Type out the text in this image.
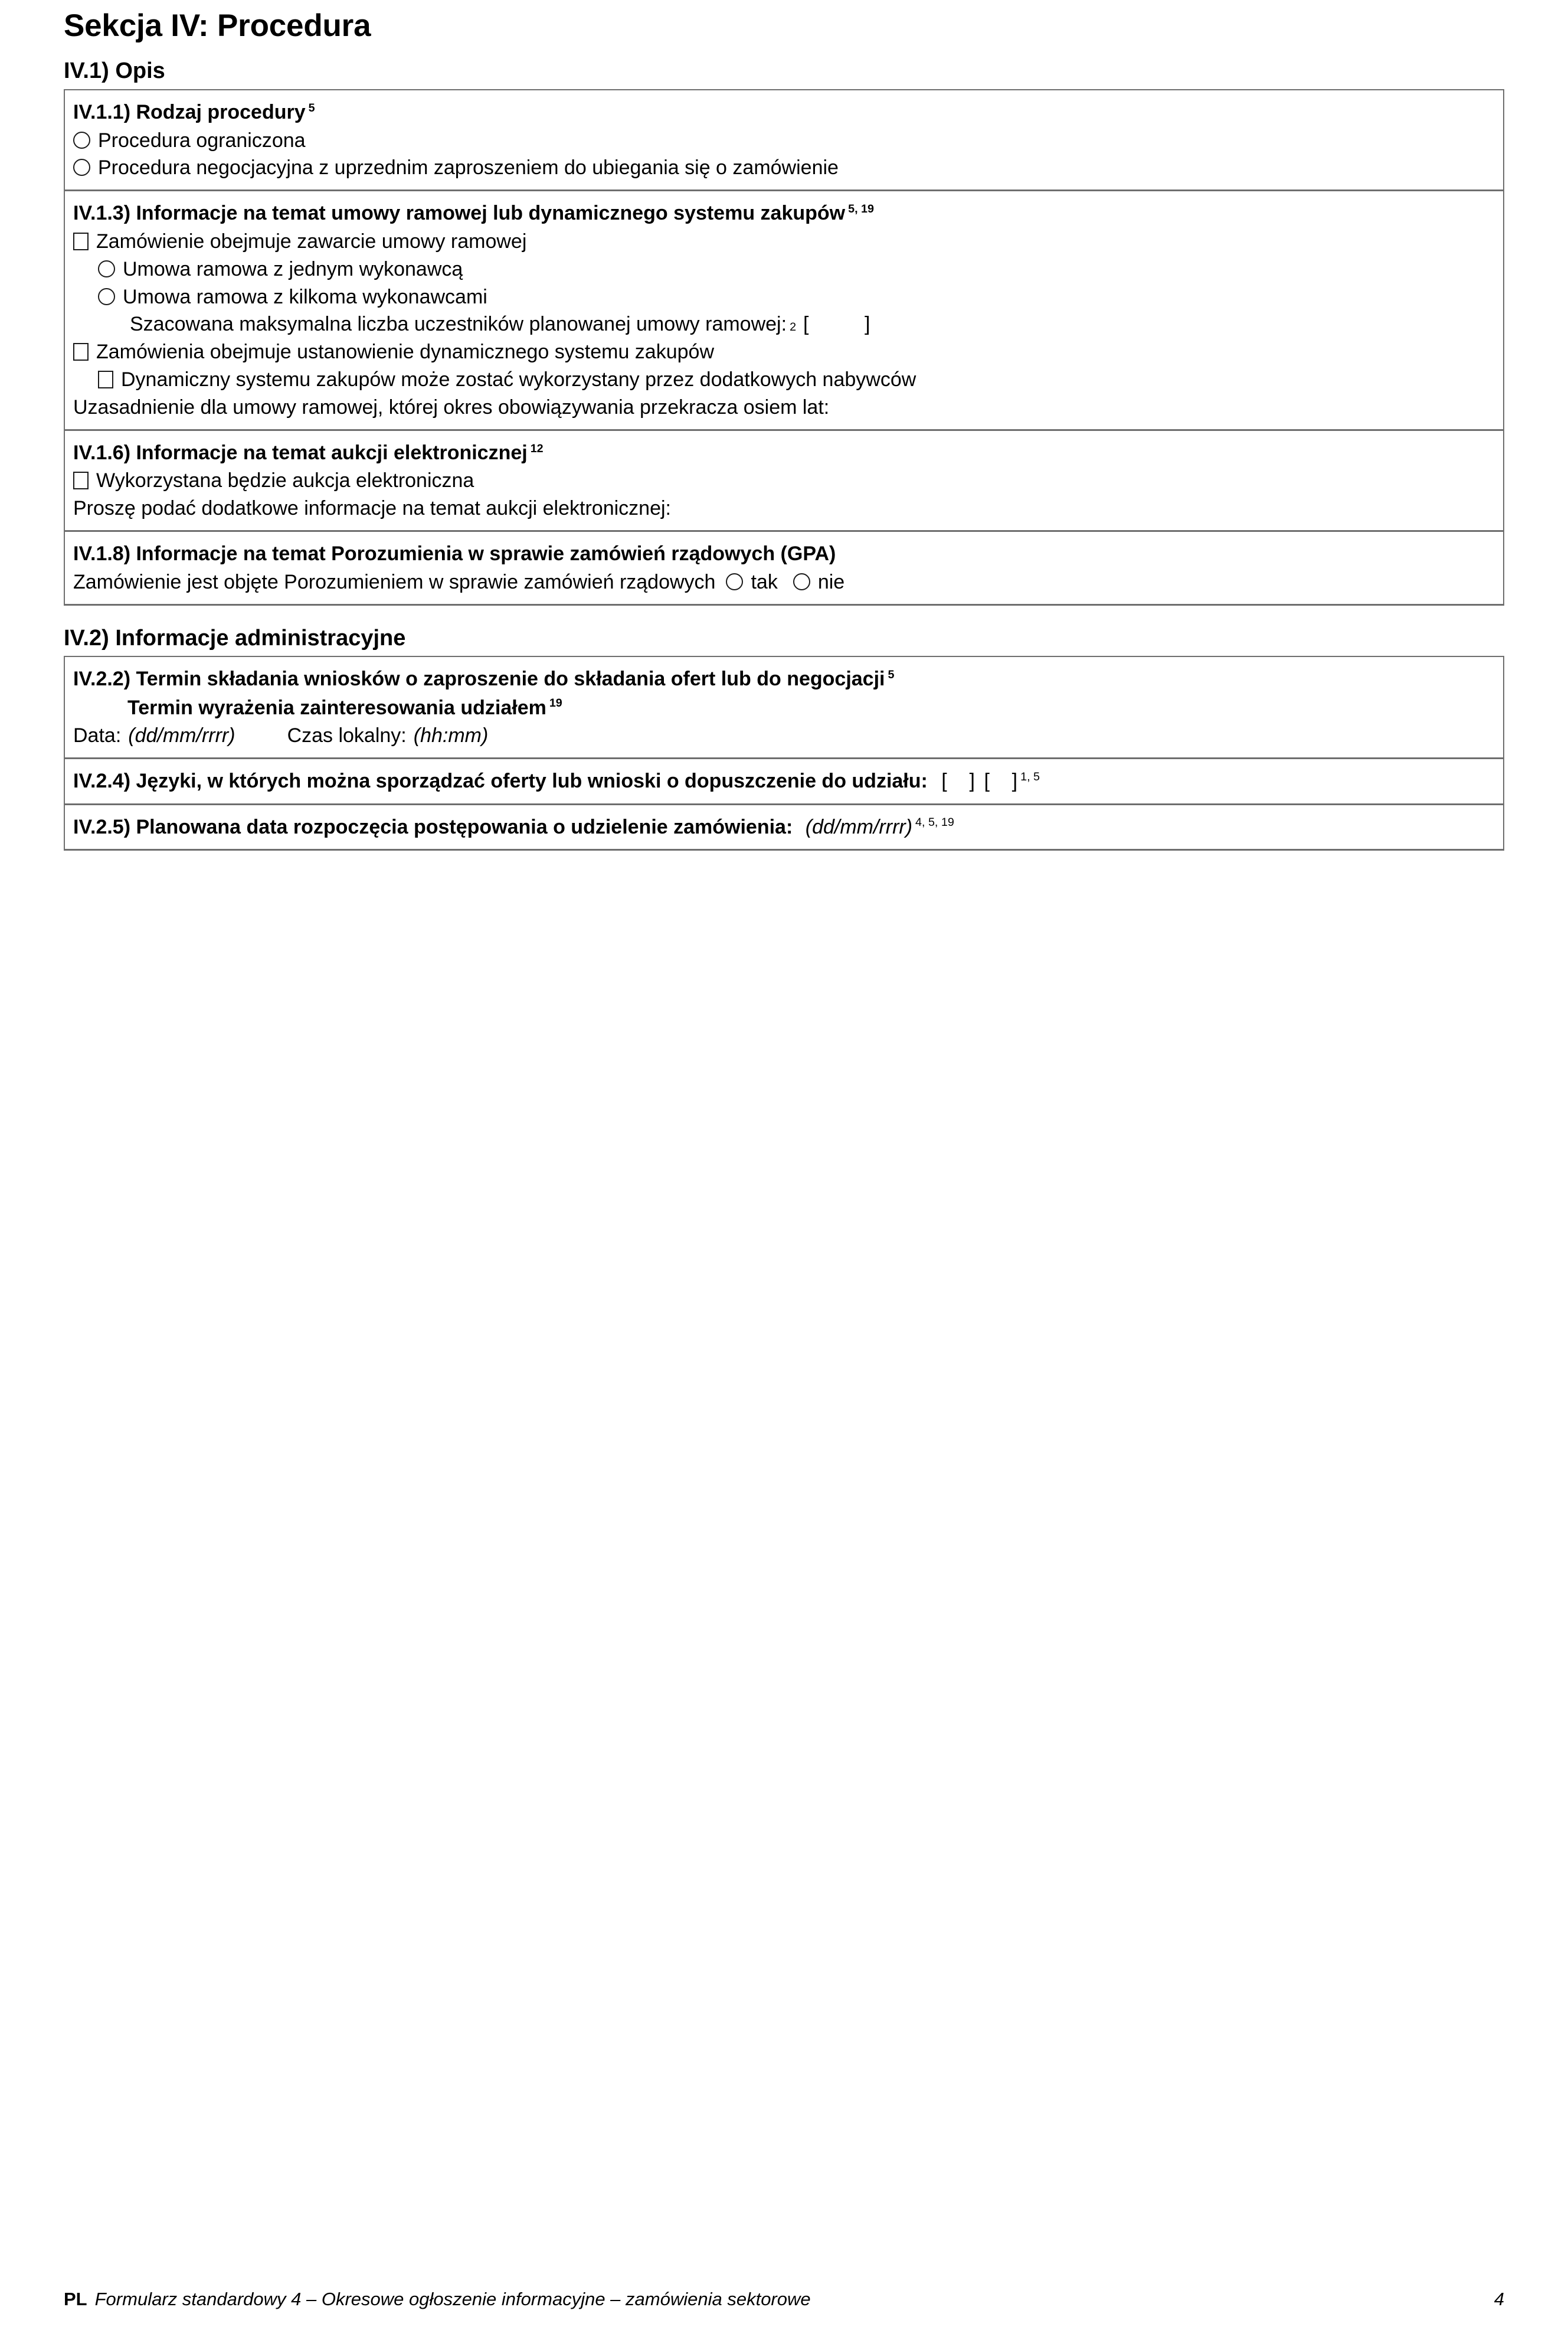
Sekcja IV: Procedura
IV.1) Opis
IV.1.1) Rodzaj procedury $^5$
Procedura ograniczona
Procedura negocjacyjna z uprzednim zaproszeniem do ubiegania się o zamówienie
IV.1.3) Informacje na temat umowy ramowej lub dynamicznego systemu zakupów $^{5, 19}$
Zamówienie obejmuje zawarcie umowy ramowej
Umowa ramowa z jednym wykonawcą
Umowa ramowa z kilkoma wykonawcami
Szacowana maksymalna liczba uczestników planowanej umowy ramowej: 2 [          ]
Zamówienia obejmuje ustanowienie dynamicznego systemu zakupów
Dynamiczny systemu zakupów może zostać wykorzystany przez dodatkowych nabywców
Uzasadnienie dla umowy ramowej, której okres obowiązywania przekracza osiem lat:
IV.1.6) Informacje na temat aukcji elektronicznej $^{12}$
Wykorzystana będzie aukcja elektroniczna
Proszę podać dodatkowe informacje na temat aukcji elektronicznej:
IV.1.8) Informacje na temat Porozumienia w sprawie zamówień rządowych (GPA)
Zamówienie jest objęte Porozumieniem w sprawie zamówień rządowych tak nie
IV.2) Informacje administracyjne
IV.2.2) Termin składania wniosków o zaproszenie do składania ofert lub do negocjacji $^5$
Termin wyrażenia zainteresowania udziałem $^{19}$
Data: (dd/mm/rrrr)	Czas lokalny: (hh:mm)
IV.2.4) Języki, w których można sporządzać oferty lub wnioski o dopuszczenie do udziału: [    ] [    ] $^{1, 5}$
IV.2.5) Planowana data rozpoczęcia postępowania o udzielenie zamówienia: (dd/mm/rrrr) $^{4, 5, 19}$
PL Formularz standardowy 4 – Okresowe ogłoszenie informacyjne – zamówienia sektorowe	4
